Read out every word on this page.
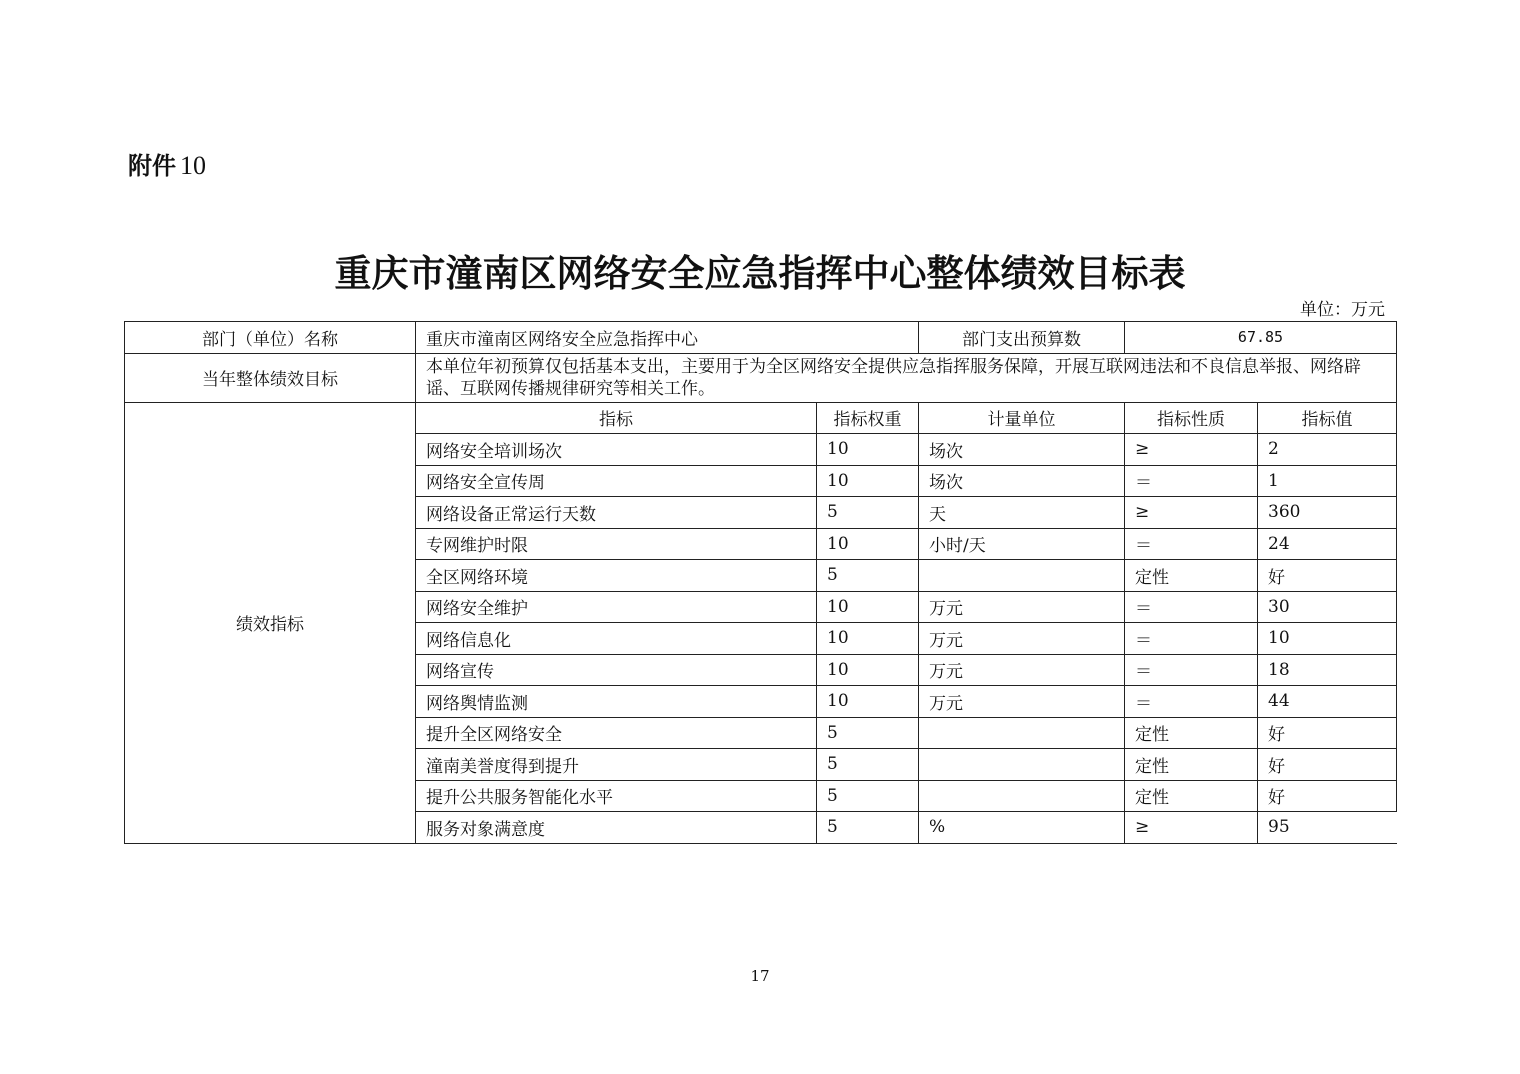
附件 10
重庆市潼南区网络安全应急指挥中心整体绩效目标表
单位：万元
部门（单位）名称	重庆市潼南区网络安全应急指挥中心		部门支出预算数	67.85	
当年整体绩效目标	本单位年初预算仅包括基本支出，主要用于为全区网络安全提供应急指挥服务保障，开展互联网违法和不良信息举报、网络辟谣、互联网传播规律研究等相关工作。				
绩效指标	指标	指标权重	计量单位	指标性质	指标值
	网络安全培训场次	10	场次	≥	2
	网络安全宣传周	10	场次	＝	1
	网络设备正常运行天数	5	天	≥	360
	专网维护时限	10	小时/天	＝	24
	全区网络环境	5		定性	好
	网络安全维护	10	万元	＝	30
	网络信息化	10	万元	＝	10
	网络宣传	10	万元	＝	18
	网络舆情监测	10	万元	＝	44
	提升全区网络安全	5		定性	好
	潼南美誉度得到提升	5		定性	好
	提升公共服务智能化水平	5		定性	好
	服务对象满意度	5	%	≥	95
17
